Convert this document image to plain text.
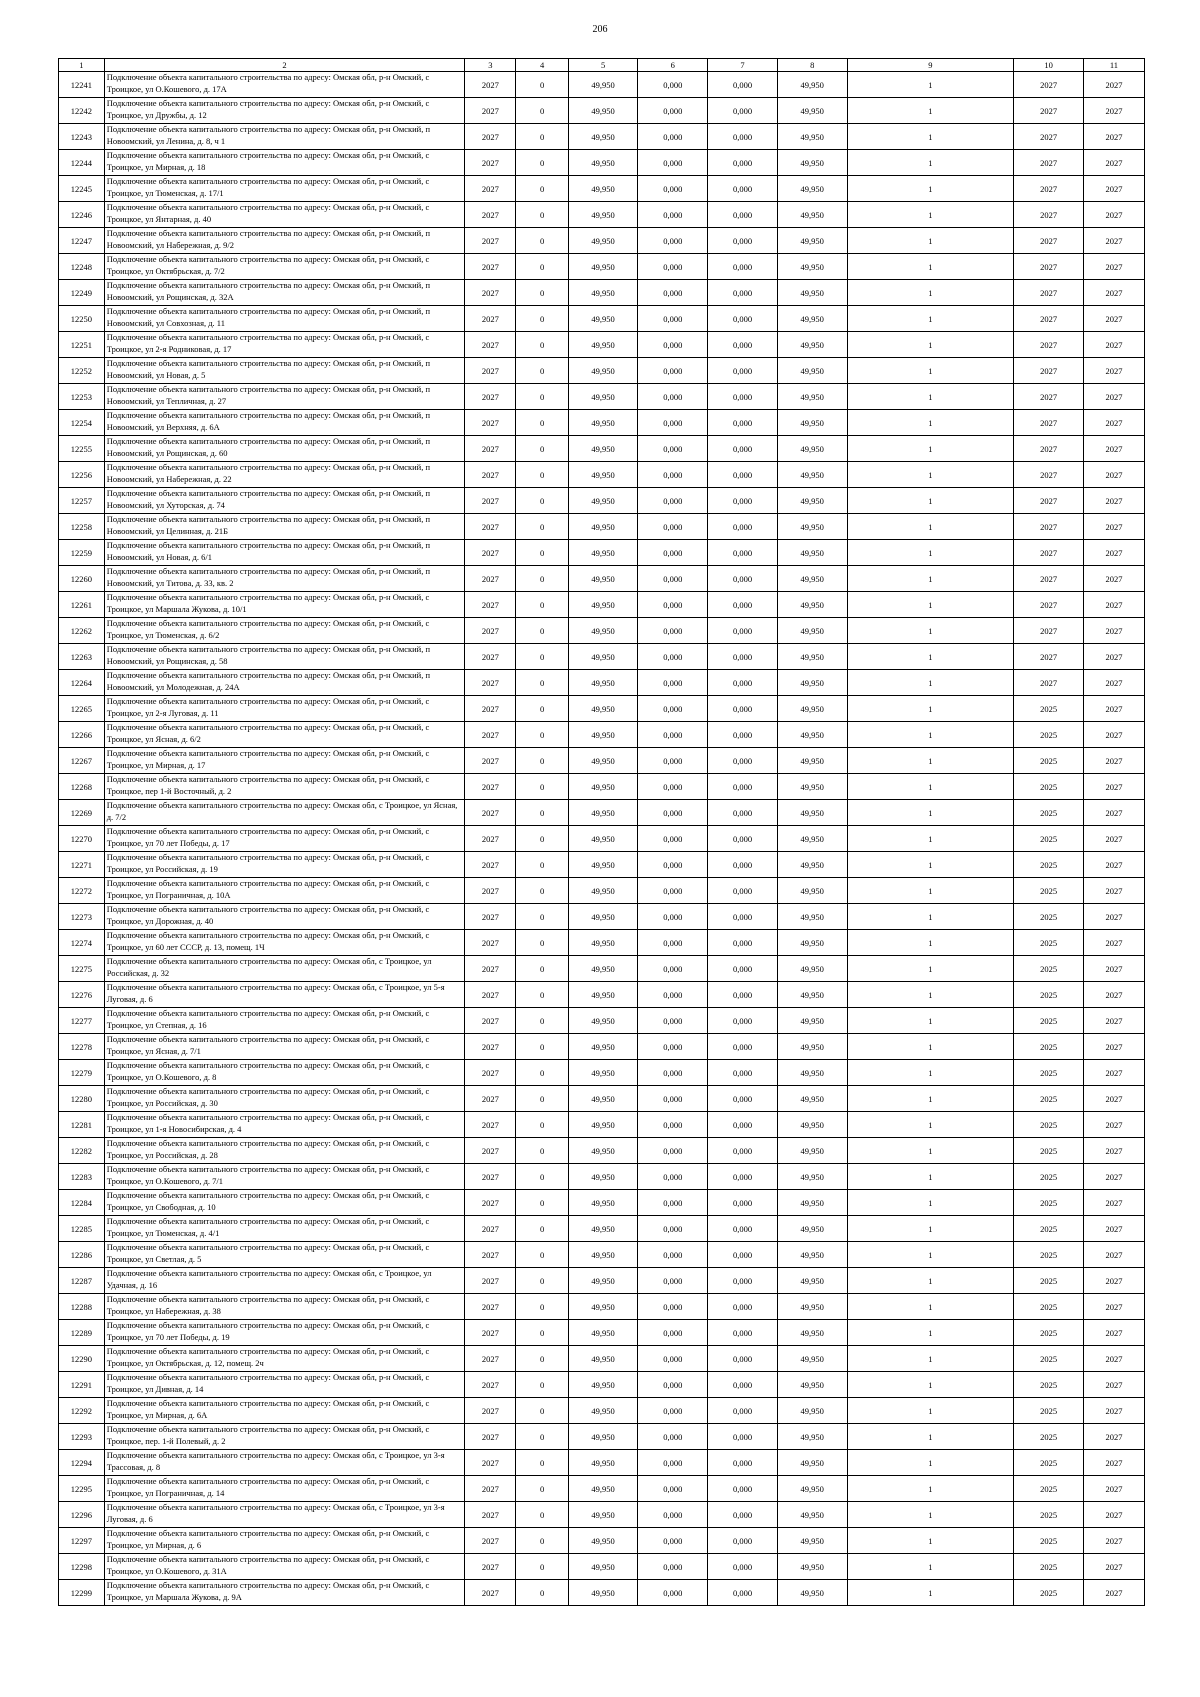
206
1	2	3	4	5	6	7	8	9	10	11
12241	Подключение объекта капитального строительства по адресу: Омская обл, р-н Омский, с Троицкое, ул О.Кошевого, д. 17А	2027	0	49,950	0,000	0,000	49,950	1	2027	2027
12242	Подключение объекта капитального строительства по адресу: Омская обл, р-н Омский, с Троицкое, ул Дружбы, д. 12	2027	0	49,950	0,000	0,000	49,950	1	2027	2027
12243	Подключение объекта капитального строительства по адресу: Омская обл, р-н Омский, п Новоомский, ул Ленина, д. 8, ч 1	2027	0	49,950	0,000	0,000	49,950	1	2027	2027
12244	Подключение объекта капитального строительства по адресу: Омская обл, р-н Омский, с Троицкое, ул Мирная, д. 18	2027	0	49,950	0,000	0,000	49,950	1	2027	2027
12245	Подключение объекта капитального строительства по адресу: Омская обл, р-н Омский, с Троицкое, ул Тюменская, д. 17/1	2027	0	49,950	0,000	0,000	49,950	1	2027	2027
12246	Подключение объекта капитального строительства по адресу: Омская обл, р-н Омский, с Троицкое, ул Янтарная, д. 40	2027	0	49,950	0,000	0,000	49,950	1	2027	2027
12247	Подключение объекта капитального строительства по адресу: Омская обл, р-н Омский, п Новоомский, ул Набережная, д. 9/2	2027	0	49,950	0,000	0,000	49,950	1	2027	2027
12248	Подключение объекта капитального строительства по адресу: Омская обл, р-н Омский, с Троицкое, ул Октябрьская, д. 7/2	2027	0	49,950	0,000	0,000	49,950	1	2027	2027
12249	Подключение объекта капитального строительства по адресу: Омская обл, р-н Омский, п Новоомский, ул Рощинская, д. 32А	2027	0	49,950	0,000	0,000	49,950	1	2027	2027
12250	Подключение объекта капитального строительства по адресу: Омская обл, р-н Омский, п Новоомский, ул Совхозная, д. 11	2027	0	49,950	0,000	0,000	49,950	1	2027	2027
12251	Подключение объекта капитального строительства по адресу: Омская обл, р-н Омский, с Троицкое, ул 2-я Родниковая, д. 17	2027	0	49,950	0,000	0,000	49,950	1	2027	2027
12252	Подключение объекта капитального строительства по адресу: Омская обл, р-н Омский, п Новоомский, ул Новая, д. 5	2027	0	49,950	0,000	0,000	49,950	1	2027	2027
12253	Подключение объекта капитального строительства по адресу: Омская обл, р-н Омский, п Новоомский, ул Тепличная, д. 27	2027	0	49,950	0,000	0,000	49,950	1	2027	2027
12254	Подключение объекта капитального строительства по адресу: Омская обл, р-н Омский, п Новоомский, ул Верхняя, д. 6А	2027	0	49,950	0,000	0,000	49,950	1	2027	2027
12255	Подключение объекта капитального строительства по адресу: Омская обл, р-н Омский, п Новоомский, ул Рощинская, д. 60	2027	0	49,950	0,000	0,000	49,950	1	2027	2027
12256	Подключение объекта капитального строительства по адресу: Омская обл, р-н Омский, п Новоомский, ул Набережная, д. 22	2027	0	49,950	0,000	0,000	49,950	1	2027	2027
12257	Подключение объекта капитального строительства по адресу: Омская обл, р-н Омский, п Новоомский, ул Хуторская, д. 74	2027	0	49,950	0,000	0,000	49,950	1	2027	2027
12258	Подключение объекта капитального строительства по адресу: Омская обл, р-н Омский, п Новоомский, ул Целинная, д. 21Б	2027	0	49,950	0,000	0,000	49,950	1	2027	2027
12259	Подключение объекта капитального строительства по адресу: Омская обл, р-н Омский, п Новоомский, ул Новая, д. 6/1	2027	0	49,950	0,000	0,000	49,950	1	2027	2027
12260	Подключение объекта капитального строительства по адресу: Омская обл, р-н Омский, п Новоомский, ул Титова, д. 33, кв. 2	2027	0	49,950	0,000	0,000	49,950	1	2027	2027
12261	Подключение объекта капитального строительства по адресу: Омская обл, р-н Омский, с Троицкое, ул Маршала Жукова, д. 10/1	2027	0	49,950	0,000	0,000	49,950	1	2027	2027
12262	Подключение объекта капитального строительства по адресу: Омская обл, р-н Омский, с Троицкое, ул Тюменская, д. 6/2	2027	0	49,950	0,000	0,000	49,950	1	2027	2027
12263	Подключение объекта капитального строительства по адресу: Омская обл, р-н Омский, п Новоомский, ул Рощинская, д. 58	2027	0	49,950	0,000	0,000	49,950	1	2027	2027
12264	Подключение объекта капитального строительства по адресу: Омская обл, р-н Омский, п Новоомский, ул Молодежная, д. 24А	2027	0	49,950	0,000	0,000	49,950	1	2027	2027
12265	Подключение объекта капитального строительства по адресу: Омская обл, р-н Омский, с Троицкое, ул 2-я Луговая, д. 11	2027	0	49,950	0,000	0,000	49,950	1	2025	2027
12266	Подключение объекта капитального строительства по адресу: Омская обл, р-н Омский, с Троицкое, ул Ясная, д. 6/2	2027	0	49,950	0,000	0,000	49,950	1	2025	2027
12267	Подключение объекта капитального строительства по адресу: Омская обл, р-н Омский, с Троицкое, ул Мирная, д. 17	2027	0	49,950	0,000	0,000	49,950	1	2025	2027
12268	Подключение объекта капитального строительства по адресу: Омская обл, р-н Омский, с Троицкое, пер 1-й Восточный, д. 2	2027	0	49,950	0,000	0,000	49,950	1	2025	2027
12269	Подключение объекта капитального строительства по адресу: Омская обл, с Троицкое, ул Ясная, д. 7/2	2027	0	49,950	0,000	0,000	49,950	1	2025	2027
12270	Подключение объекта капитального строительства по адресу: Омская обл, р-н Омский, с Троицкое, ул 70 лет Победы, д. 17	2027	0	49,950	0,000	0,000	49,950	1	2025	2027
12271	Подключение объекта капитального строительства по адресу: Омская обл, р-н Омский, с Троицкое, ул Российская, д. 19	2027	0	49,950	0,000	0,000	49,950	1	2025	2027
12272	Подключение объекта капитального строительства по адресу: Омская обл, р-н Омский, с Троицкое, ул Пограничная, д. 10А	2027	0	49,950	0,000	0,000	49,950	1	2025	2027
12273	Подключение объекта капитального строительства по адресу: Омская обл, р-н Омский, с Троицкое, ул Дорожная, д. 40	2027	0	49,950	0,000	0,000	49,950	1	2025	2027
12274	Подключение объекта капитального строительства по адресу: Омская обл, р-н Омский, с Троицкое, ул 60 лет СССР, д. 13, помещ. 1Ч	2027	0	49,950	0,000	0,000	49,950	1	2025	2027
12275	Подключение объекта капитального строительства по адресу: Омская обл, с Троицкое, ул Российская, д. 32	2027	0	49,950	0,000	0,000	49,950	1	2025	2027
12276	Подключение объекта капитального строительства по адресу: Омская обл, с Троицкое, ул 5-я Луговая, д. 6	2027	0	49,950	0,000	0,000	49,950	1	2025	2027
12277	Подключение объекта капитального строительства по адресу: Омская обл, р-н Омский, с Троицкое, ул Степная, д. 16	2027	0	49,950	0,000	0,000	49,950	1	2025	2027
12278	Подключение объекта капитального строительства по адресу: Омская обл, р-н Омский, с Троицкое, ул Ясная, д. 7/1	2027	0	49,950	0,000	0,000	49,950	1	2025	2027
12279	Подключение объекта капитального строительства по адресу: Омская обл, р-н Омский, с Троицкое, ул О.Кошевого, д. 8	2027	0	49,950	0,000	0,000	49,950	1	2025	2027
12280	Подключение объекта капитального строительства по адресу: Омская обл, р-н Омский, с Троицкое, ул Российская, д. 30	2027	0	49,950	0,000	0,000	49,950	1	2025	2027
12281	Подключение объекта капитального строительства по адресу: Омская обл, р-н Омский, с Троицкое, ул 1-я Новосибирская, д. 4	2027	0	49,950	0,000	0,000	49,950	1	2025	2027
12282	Подключение объекта капитального строительства по адресу: Омская обл, р-н Омский, с Троицкое, ул Российская, д. 28	2027	0	49,950	0,000	0,000	49,950	1	2025	2027
12283	Подключение объекта капитального строительства по адресу: Омская обл, р-н Омский, с Троицкое, ул О.Кошевого, д. 7/1	2027	0	49,950	0,000	0,000	49,950	1	2025	2027
12284	Подключение объекта капитального строительства по адресу: Омская обл, р-н Омский, с Троицкое, ул Свободная, д. 10	2027	0	49,950	0,000	0,000	49,950	1	2025	2027
12285	Подключение объекта капитального строительства по адресу: Омская обл, р-н Омский, с Троицкое, ул Тюменская, д. 4/1	2027	0	49,950	0,000	0,000	49,950	1	2025	2027
12286	Подключение объекта капитального строительства по адресу: Омская обл, р-н Омский, с Троицкое, ул Светлая, д. 5	2027	0	49,950	0,000	0,000	49,950	1	2025	2027
12287	Подключение объекта капитального строительства по адресу: Омская обл, с Троицкое, ул Удачная, д. 16	2027	0	49,950	0,000	0,000	49,950	1	2025	2027
12288	Подключение объекта капитального строительства по адресу: Омская обл, р-н Омский, с Троицкое, ул Набережная, д. 38	2027	0	49,950	0,000	0,000	49,950	1	2025	2027
12289	Подключение объекта капитального строительства по адресу: Омская обл, р-н Омский, с Троицкое, ул 70 лет Победы, д. 19	2027	0	49,950	0,000	0,000	49,950	1	2025	2027
12290	Подключение объекта капитального строительства по адресу: Омская обл, р-н Омский, с Троицкое, ул Октябрьская, д. 12, помещ. 2ч	2027	0	49,950	0,000	0,000	49,950	1	2025	2027
12291	Подключение объекта капитального строительства по адресу: Омская обл, р-н Омский, с Троицкое, ул Дивная, д. 14	2027	0	49,950	0,000	0,000	49,950	1	2025	2027
12292	Подключение объекта капитального строительства по адресу: Омская обл, р-н Омский, с Троицкое, ул Мирная, д. 6А	2027	0	49,950	0,000	0,000	49,950	1	2025	2027
12293	Подключение объекта капитального строительства по адресу: Омская обл, р-н Омский, с Троицкое, пер. 1-й Полевый, д. 2	2027	0	49,950	0,000	0,000	49,950	1	2025	2027
12294	Подключение объекта капитального строительства по адресу: Омская обл, с Троицкое, ул 3-я Трассовая, д. 8	2027	0	49,950	0,000	0,000	49,950	1	2025	2027
12295	Подключение объекта капитального строительства по адресу: Омская обл, р-н Омский, с Троицкое, ул Пограничная, д. 14	2027	0	49,950	0,000	0,000	49,950	1	2025	2027
12296	Подключение объекта капитального строительства по адресу: Омская обл, с Троицкое, ул 3-я Луговая, д. 6	2027	0	49,950	0,000	0,000	49,950	1	2025	2027
12297	Подключение объекта капитального строительства по адресу: Омская обл, р-н Омский, с Троицкое, ул Мирная, д. 6	2027	0	49,950	0,000	0,000	49,950	1	2025	2027
12298	Подключение объекта капитального строительства по адресу: Омская обл, р-н Омский, с Троицкое, ул О.Кошевого, д. 31А	2027	0	49,950	0,000	0,000	49,950	1	2025	2027
12299	Подключение объекта капитального строительства по адресу: Омская обл, р-н Омский, с Троицкое, ул Маршала Жукова, д. 9А	2027	0	49,950	0,000	0,000	49,950	1	2025	2027
